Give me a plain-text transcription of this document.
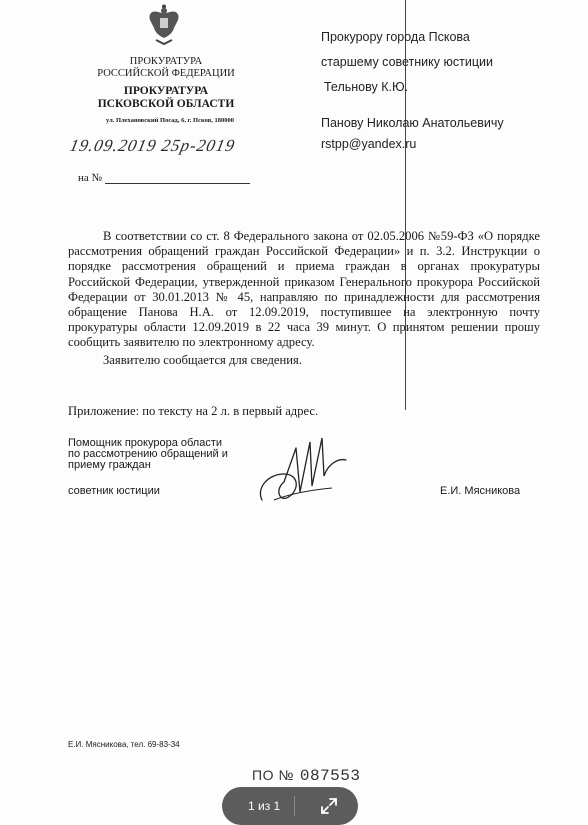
ПРОКУРАТУРА
РОССИЙСКОЙ ФЕДЕРАЦИИ
ПРОКУРАТУРА
ПСКОВСКОЙ ОБЛАСТИ
ул. Плехановский Посад, 6, г. Псков, 180000
19.09.2019 25р-2019
на №
Прокурору города Пскова
старшему советнику юстиции
Тельнову К.Ю.
Панову Николаю Анатольевичу
rstpp@yandex.ru

В соответствии со ст. 8 Федерального закона от 02.05.2006 №59-ФЗ «О порядке рассмотрения обращений граждан Российской Федерации» и п. 3.2. Инструкции о порядке рассмотрения обращений и приема граждан в органах прокуратуры Российской Федерации, утвержденной приказом Генерального прокурора Российской Федерации от 30.01.2013 № 45, направляю по принадлежности для рассмотрения обращение Панова Н.А. от 12.09.2019, поступившее на электронную почту прокуратуры области 12.09.2019 в 22 часа 39 минут. О принятом решении прошу сообщить заявителю по электронному адресу.

Заявителю сообщается для сведения.

Приложение: по тексту на 2 л. в первый адрес.
Помощник прокурора области
по рассмотрению обращений и
приему граждан
советник юстиции	Е.И. Мясникова
Е.И. Мясникова, тел. 69-83-34
ПО № 087553
1 из 1
